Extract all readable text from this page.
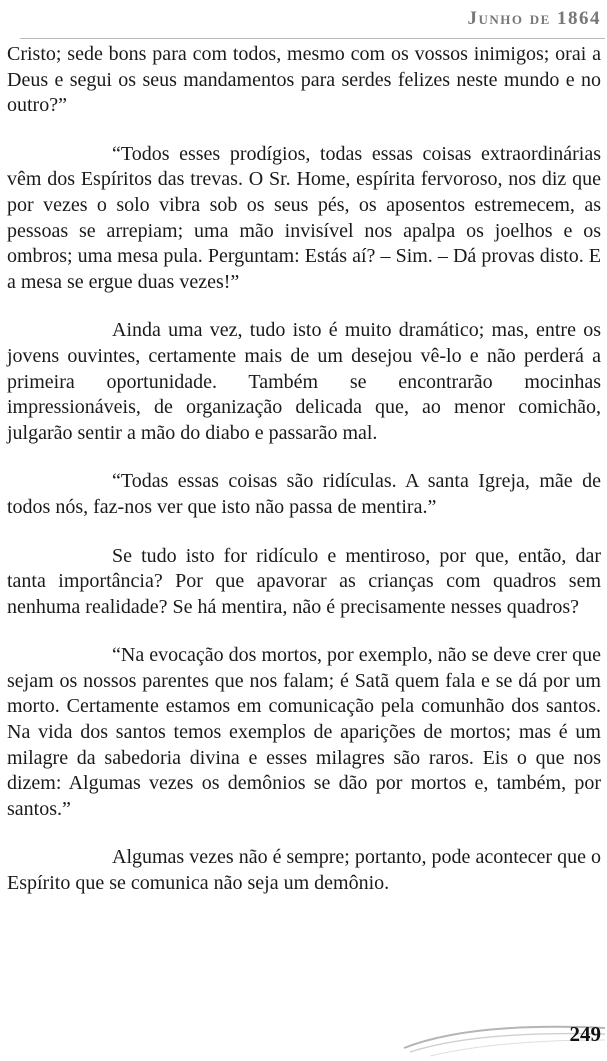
Junho de 1864

Cristo; sede bons para com todos, mesmo com os vossos inimigos; orai a Deus e segui os seus mandamentos para serdes felizes neste mundo e no outro?”

“Todos esses prodígios, todas essas coisas extraordinárias vêm dos Espíritos das trevas. O Sr. Home, espírita fervoroso, nos diz que por vezes o solo vibra sob os seus pés, os aposentos estremecem, as pessoas se arrepiam; uma mão invisível nos apalpa os joelhos e os ombros; uma mesa pula. Perguntam: Estás aí? – Sim. – Dá provas disto. E a mesa se ergue duas vezes!”

Ainda uma vez, tudo isto é muito dramático; mas, entre os jovens ouvintes, certamente mais de um desejou vê-lo e não perderá a primeira oportunidade. Também se encontrarão mocinhas impressionáveis, de organização delicada que, ao menor comichão, julgarão sentir a mão do diabo e passarão mal.

“Todas essas coisas são ridículas. A santa Igreja, mãe de todos nós, faz-nos ver que isto não passa de mentira.”

Se tudo isto for ridículo e mentiroso, por que, então, dar tanta importância? Por que apavorar as crianças com quadros sem nenhuma realidade? Se há mentira, não é precisamente nesses quadros?

“Na evocação dos mortos, por exemplo, não se deve crer que sejam os nossos parentes que nos falam; é Satã quem fala e se dá por um morto. Certamente estamos em comunicação pela comunhão dos santos. Na vida dos santos temos exemplos de aparições de mortos; mas é um milagre da sabedoria divina e esses milagres são raros. Eis o que nos dizem: Algumas vezes os demônios se dão por mortos e, também, por santos.”

Algumas vezes não é sempre; portanto, pode acontecer que o Espírito que se comunica não seja um demônio.

249
